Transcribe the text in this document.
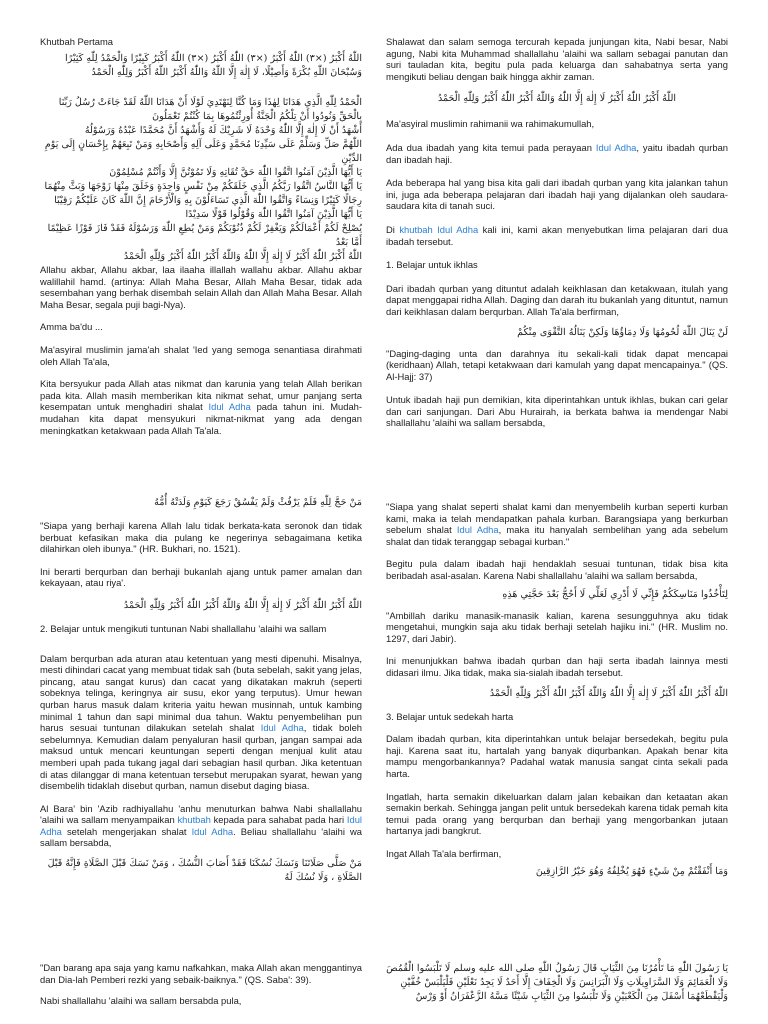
Khutbah Pertama

اللّٰهُ أَكْبَرُ (×٣) اللّٰهُ أَكْبَرُ (×٣) اللّٰهُ أَكْبَرُ (×٣) اللّٰهُ أَكْبَرُ كَبِيْرًا وَالْحَمْدُ لِلّٰهِ كَثِيْرًا وَسُبْحَانَ اللّٰهِ بُكْرَةً وَأَصِيْلًا، لَا إِلٰهَ إِلَّا اللّٰهُ وَاللّٰهُ أَكْبَرُ اللّٰهُ أَكْبَرُ وَلِلّٰهِ الْحَمْدُ

الْحَمْدُ لِلّٰهِ الَّذِي هَدَانَا لِهٰذَا وَمَا كُنَّا لِنَهْتَدِيَ لَوْلَا أَنْ هَدَانَا اللّٰهُ لَقَدْ جَاءَتْ رُسُلُ رَبِّنَا بِالْحَقِّ وَنُودُوا أَنْ تِلْكُمُ الْجَنَّةُ أُورِثْتُمُوهَا بِمَا كُنْتُمْ تَعْمَلُونَ

أَشْهَدُ أَنْ لَا إِلٰهَ إِلَّا اللّٰهُ وَحْدَهُ لَا شَرِيْكَ لَهُ وَأَشْهَدُ أَنَّ مُحَمَّدًا عَبْدُهُ وَرَسُوْلُهُ

اللّٰهُمَّ صَلِّ وَسَلِّمْ عَلَى سَيِّدِنَا مُحَمَّدٍ وَعَلَى آلِهِ وَأَصْحَابِهِ وَمَنْ تَبِعَهُمْ بِإِحْسَانٍ إِلَى يَوْمِ الدِّيْنِ

يَا أَيُّهَا الَّذِيْنَ آمَنُوا اتَّقُوا اللّٰهَ حَقَّ تُقَاتِهِ وَلَا تَمُوْتُنَّ إِلَّا وَأَنْتُمْ مُسْلِمُوْنَ

يَا أَيُّهَا النَّاسُ اتَّقُوا رَبَّكُمُ الَّذِي خَلَقَكُمْ مِنْ نَفْسٍ وَاحِدَةٍ وَخَلَقَ مِنْهَا زَوْجَهَا وَبَثَّ مِنْهُمَا رِجَالًا كَثِيْرًا وَنِسَاءً وَاتَّقُوا اللّٰهَ الَّذِي تَسَاءَلُوْنَ بِهِ وَالْأَرْحَامَ إِنَّ اللّٰهَ كَانَ عَلَيْكُمْ رَقِيْبًا

يَا أَيُّهَا الَّذِيْنَ آمَنُوا اتَّقُوا اللّٰهَ وَقُوْلُوا قَوْلًا سَدِيْدًا

يُصْلِحْ لَكُمْ أَعْمَالَكُمْ وَيَغْفِرْ لَكُمْ ذُنُوْبَكُمْ وَمَنْ يُطِعِ اللّٰهَ وَرَسُوْلَهُ فَقَدْ فَازَ فَوْزًا عَظِيْمًا أَمَّا بَعْدُ

اللّٰهُ أَكْبَرُ اللّٰهُ أَكْبَرُ لَا إِلٰهَ إِلَّا اللّٰهُ وَاللّٰهُ أَكْبَرُ اللّٰهُ أَكْبَرُ وَلِلّٰهِ الْحَمْدُ

Allahu akbar, Allahu akbar, laa ilaaha illallah wallahu akbar. Allahu akbar walillahil hamd. (artinya: Allah Maha Besar, Allah Maha Besar, tidak ada sesembahan yang berhak disembah selain Allah dan Allah Maha Besar. Allah Maha Besar, segala puji bagi-Nya).

Amma ba'du ...

Ma'asyiral muslimin jama'ah shalat 'Ied yang semoga senantiasa dirahmati oleh Allah Ta'ala,

Kita bersyukur pada Allah atas nikmat dan karunia yang telah Allah berikan pada kita. Allah masih memberikan kita nikmat sehat, umur panjang serta kesempatan untuk menghadiri shalat Idul Adha pada tahun ini. Mudah-mudahan kita dapat mensyukuri nikmat-nikmat yang ada dengan meningkatkan ketakwaan pada Allah Ta'ala.

Shalawat dan salam semoga tercurah kepada junjungan kita, Nabi besar, Nabi agung, Nabi kita Muhammad shallallahu 'alaihi wa sallam sebagai panutan dan suri tauladan kita, begitu pula pada keluarga dan sahabatnya serta yang mengikuti beliau dengan baik hingga akhir zaman.

اللّٰهُ أَكْبَرُ اللّٰهُ أَكْبَرُ لَا إِلٰهَ إِلَّا اللّٰهُ وَاللّٰهُ أَكْبَرُ اللّٰهُ أَكْبَرُ وَلِلّٰهِ الْحَمْدُ

Ma'asyiral muslimin rahimanii wa rahimakumullah,

Ada dua ibadah yang kita temui pada perayaan Idul Adha, yaitu ibadah qurban dan ibadah haji.

Ada beberapa hal yang bisa kita gali dari ibadah qurban yang kita jalankan tahun ini, juga ada beberapa pelajaran dari ibadah haji yang dijalankan oleh saudara-saudara kita di tanah suci.

Di khutbah Idul Adha kali ini, kami akan menyebutkan lima pelajaran dari dua ibadah tersebut.

1. Belajar untuk ikhlas

Dari ibadah qurban yang dituntut adalah keikhlasan dan ketakwaan, itulah yang dapat menggapai ridha Allah. Daging dan darah itu bukanlah yang dituntut, namun dari keikhlasan dalam berqurban. Allah Ta'ala berfirman,

لَنْ يَنَالَ اللّٰهَ لُحُومُهَا وَلَا دِمَاؤُهَا وَلَكِنْ يَنَالُهُ التَّقْوَى مِنْكُمْ

"Daging-daging unta dan darahnya itu sekali-kali tidak dapat mencapai (keridhaan) Allah, tetapi ketakwaan dari kamulah yang dapat mencapainya." (QS. Al-Hajj: 37)

Untuk ibadah haji pun demikian, kita diperintahkan untuk ikhlas, bukan cari gelar dan cari sanjungan. Dari Abu Hurairah, ia berkata bahwa ia mendengar Nabi shallallahu 'alaihi wa sallam bersabda,

مَنْ حَجَّ لِلّٰهِ فَلَمْ يَرْفُثْ وَلَمْ يَفْسُقْ رَجَعَ كَيَوْمِ وَلَدَتْهُ أُمُّهُ

"Siapa yang berhaji karena Allah lalu tidak berkata-kata seronok dan tidak berbuat kefasikan maka dia pulang ke negerinya sebagaimana ketika dilahirkan oleh ibunya." (HR. Bukhari, no. 1521).

Ini berarti berqurban dan berhaji bukanlah ajang untuk pamer amalan dan kekayaan, atau riya'.

اللّٰهُ أَكْبَرُ اللّٰهُ أَكْبَرُ لَا إِلٰهَ إِلَّا اللّٰهُ وَاللّٰهُ أَكْبَرُ اللّٰهُ أَكْبَرُ وَلِلّٰهِ الْحَمْدُ

2. Belajar untuk mengikuti tuntunan Nabi shallallahu 'alaihi wa sallam

Dalam berqurban ada aturan atau ketentuan yang mesti dipenuhi. Misalnya, mesti dihindari cacat yang membuat tidak sah (buta sebelah, sakit yang jelas, pincang, atau sangat kurus) dan cacat yang dikatakan makruh (seperti sobeknya telinga, keringnya air susu, ekor yang terputus). Umur hewan qurban harus masuk dalam kriteria yaitu hewan musinnah, untuk kambing minimal 1 tahun dan sapi minimal dua tahun. Waktu penyembelihan pun harus sesuai tuntunan dilakukan setelah shalat Idul Adha, tidak boleh sebelumnya. Kemudian dalam penyaluran hasil qurban, jangan sampai ada maksud untuk mencari keuntungan seperti dengan menjual kulit atau memberi upah pada tukang jagal dari sebagian hasil qurban. Jika ketentuan di atas dilanggar di mana ketentuan tersebut merupakan syarat, hewan yang disembelih tidaklah disebut qurban, namun disebut daging biasa.

Al Bara' bin 'Azib radhiyallahu 'anhu menuturkan bahwa Nabi shallallahu 'alaihi wa sallam menyampaikan khutbah kepada para sahabat pada hari Idul Adha setelah mengerjakan shalat Idul Adha. Beliau shallallahu 'alaihi wa sallam bersabda,

مَنْ صَلَّى صَلَاتَنَا وَنَسَكَ نُسُكَنَا فَقَدْ أَصَابَ النُّسُكَ ، وَمَنْ نَسَكَ قَبْلَ الصَّلَاةِ فَإِنَّهُ قَبْلَ الصَّلَاةِ ، وَلَا نُسُكَ لَهُ

"Siapa yang shalat seperti shalat kami dan menyembelih kurban seperti kurban kami, maka ia telah mendapatkan pahala kurban. Barangsiapa yang berkurban sebelum shalat Idul Adha, maka itu hanyalah sembelihan yang ada sebelum shalat dan tidak teranggap sebagai kurban."

Begitu pula dalam ibadah haji hendaklah sesuai tuntunan, tidak bisa kita beribadah asal-asalan. Karena Nabi shallallahu 'alaihi wa sallam bersabda,

لِتَأْخُذُوا مَنَاسِكَكُمْ فَإِنِّي لَا أَدْرِي لَعَلِّي لَا أَحُجُّ بَعْدَ حَجَّتِي هَذِهِ

"Ambillah dariku manasik-manasik kalian, karena sesungguhnya aku tidak mengetahui, mungkin saja aku tidak berhaji setelah hajiku ini." (HR. Muslim no. 1297, dari Jabir).

Ini menunjukkan bahwa ibadah qurban dan haji serta ibadah lainnya mesti didasari ilmu. Jika tidak, maka sia-sialah ibadah tersebut.

اللّٰهُ أَكْبَرُ اللّٰهُ أَكْبَرُ لَا إِلٰهَ إِلَّا اللّٰهُ وَاللّٰهُ أَكْبَرُ اللّٰهُ أَكْبَرُ وَلِلّٰهِ الْحَمْدُ

3. Belajar untuk sedekah harta

Dalam ibadah qurban, kita diperintahkan untuk belajar bersedekah, begitu pula haji. Karena saat itu, hartalah yang banyak diqurbankan. Apakah benar kita mampu mengorbankannya? Padahal watak manusia sangat cinta sekali pada harta.

Ingatlah, harta semakin dikeluarkan dalam jalan kebaikan dan ketaatan akan semakin berkah. Sehingga jangan pelit untuk bersedekah karena tidak pemah kita temui pada orang yang berqurban dan berhaji yang mengorbankan jutaan hartanya jadi bangkrut.

Ingat Allah Ta'ala berfirman,

وَمَا أَنْفَقْتُمْ مِنْ شَيْءٍ فَهُوَ يُخْلِفُهُ وَهُوَ خَيْرُ الرَّازِقِينَ

"Dan barang apa saja yang kamu nafkahkan, maka Allah akan menggantinya dan Dia-lah Pemberi rezki yang sebaik-baiknya." (QS. Saba': 39).

Nabi shallallahu 'alaihi wa sallam bersabda pula,

يَا رَسُولَ اللّٰهِ مَا تَأْمُرُنَا مِنَ الثِّيَابِ قَالَ رَسُولُ اللّٰهِ صلى الله عليه وسلم لَا تَلْبَسُوا الْقُمُصَ وَلَا الْعَمَائِمَ وَلَا السَّرَاوِيلَاتِ وَلَا الْبَرَانِسَ وَلَا الْخِفَافَ إِلَّا أَحَدٌ لَا يَجِدُ نَعْلَيْنِ فَلْيَلْبَسْ خُفَّيْنِ وَلْيَقْطَعْهُمَا أَسْفَلَ مِنَ الْكَعْبَيْنِ وَلَا تَلْبَسُوا مِنَ الثِّيَابِ شَيْئًا مَسَّهُ الزَّعْفَرَانُ أَوْ وَرْسٌ
